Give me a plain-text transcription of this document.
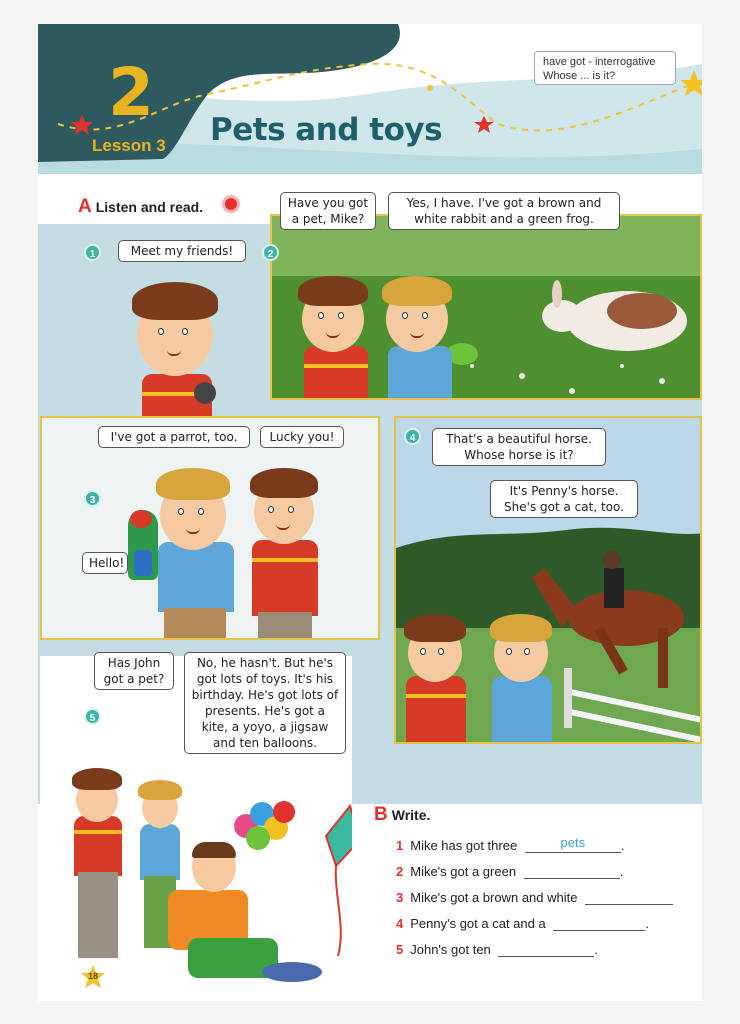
2
Lesson 3 Pets and toys
have got - interrogative
Whose ... is it?
A Listen and read.
1	Meet my friends!	2
Have you got a pet, Mike?
Yes, I have. I've got a brown and white rabbit and a green frog.
3
I've got a parrot, too.	Lucky you!
Hello!
4	That's a beautiful horse. Whose horse is it?
It's Penny's horse. She's got a cat, too.
5
Has John got a pet?
No, he hasn't. But he's got lots of toys. It's his birthday. He's got lots of presents. He's got a kite, a yoyo, a jigsaw and ten balloons.
B Write.
1 Mike has got three	pets	.
2 Mike's got a green	.
3 Mike's got a brown and white
4 Penny's got a cat and a	.
5 John's got ten	.
18
